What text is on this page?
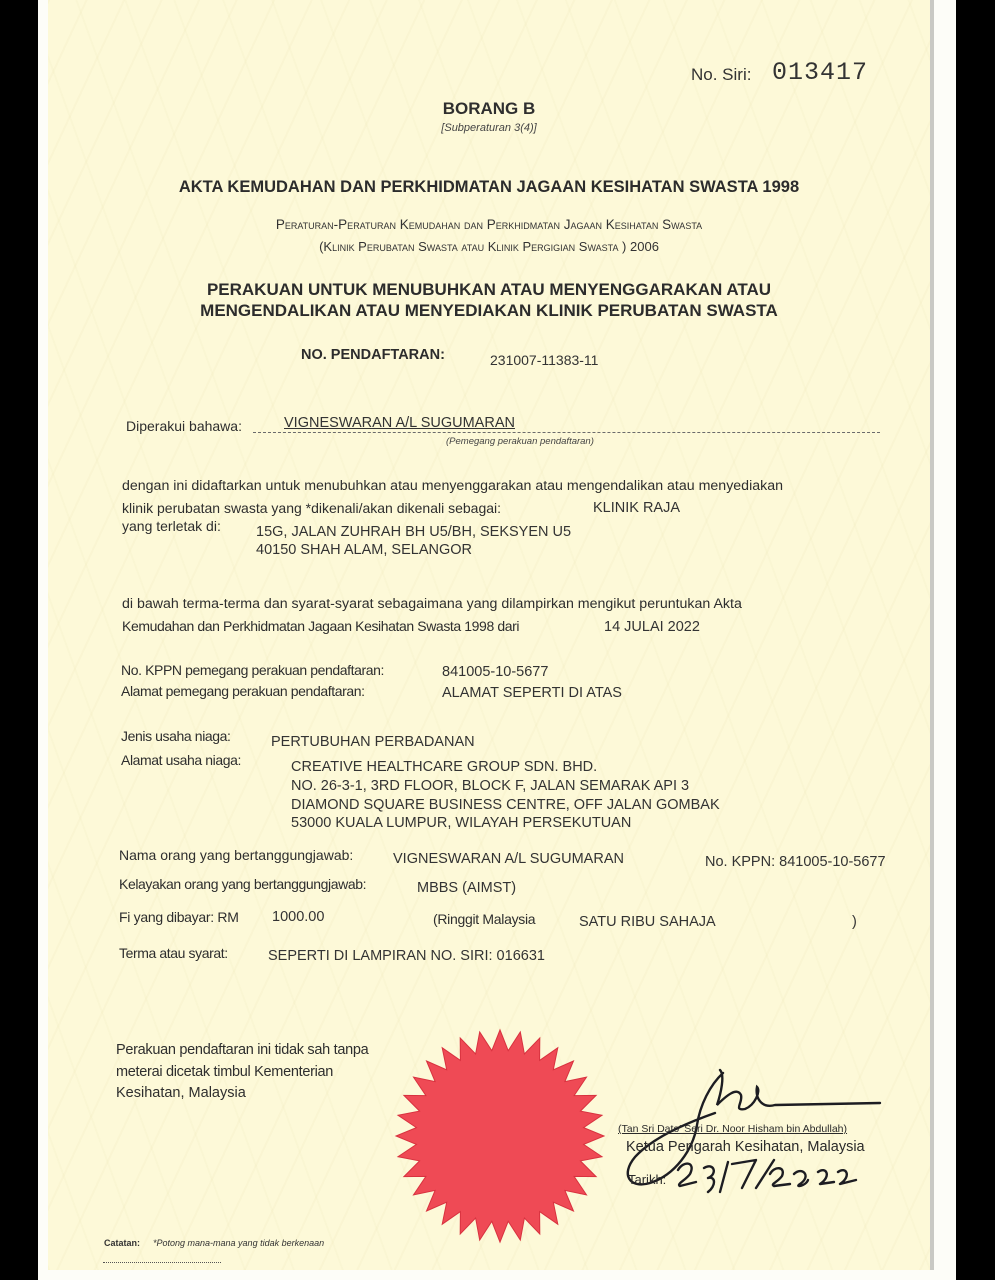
No. Siri: 013417
BORANG B
[Subperaturan 3(4)]
AKTA KEMUDAHAN DAN PERKHIDMATAN JAGAAN KESIHATAN SWASTA 1998
Peraturan-Peraturan Kemudahan dan Perkhidmatan Jagaan Kesihatan Swasta
(Klinik Perubatan Swasta atau Klinik Pergigian Swasta ) 2006
PERAKUAN UNTUK MENUBUHKAN ATAU MENYENGGARAKAN ATAU
MENGENDALIKAN ATAU MENYEDIAKAN KLINIK PERUBATAN SWASTA
NO. PENDAFTARAN:	231007-11383-11
Diperakui bahawa:	VIGNESWARAN A/L SUGUMARAN
(Pemegang perakuan pendaftaran)
dengan ini didaftarkan untuk menubuhkan atau menyenggarakan atau mengendalikan atau menyediakan
klinik perubatan swasta yang *dikenali/akan dikenali sebagai:	KLINIK RAJA
yang terletak di: 15G, JALAN ZUHRAH BH U5/BH, SEKSYEN U5
40150 SHAH ALAM, SELANGOR
di bawah terma-terma dan syarat-syarat sebagaimana yang dilampirkan mengikut peruntukan Akta
Kemudahan dan Perkhidmatan Jagaan Kesihatan Swasta 1998 dari	14 JULAI 2022
No. KPPN pemegang perakuan pendaftaran:	841005-10-5677
Alamat pemegang perakuan pendaftaran:	ALAMAT SEPERTI DI ATAS
Jenis usaha niaga:	PERTUBUHAN PERBADANAN
Alamat usaha niaga:	CREATIVE HEALTHCARE GROUP SDN. BHD.
NO. 26-3-1, 3RD FLOOR, BLOCK F, JALAN SEMARAK API 3
DIAMOND SQUARE BUSINESS CENTRE, OFF JALAN GOMBAK
53000 KUALA LUMPUR, WILAYAH PERSEKUTUAN
Nama orang yang bertanggungjawab:	VIGNESWARAN A/L SUGUMARAN	No. KPPN: 841005-10-5677
Kelayakan orang yang bertanggungjawab:	MBBS (AIMST)
Fi yang dibayar: RM 1000.00	(Ringgit Malaysia	SATU RIBU SAHAJA	)
Terma atau syarat:	SEPERTI DI LAMPIRAN NO. SIRI: 016631
Perakuan pendaftaran ini tidak sah tanpa
meterai dicetak timbul Kementerian
Kesihatan, Malaysia
(Tan Sri Dato' Seri Dr. Noor Hisham bin Abdullah)
Ketua Pengarah Kesihatan, Malaysia
Tarikh:
Catatan: *Potong mana-mana yang tidak berkenaan
